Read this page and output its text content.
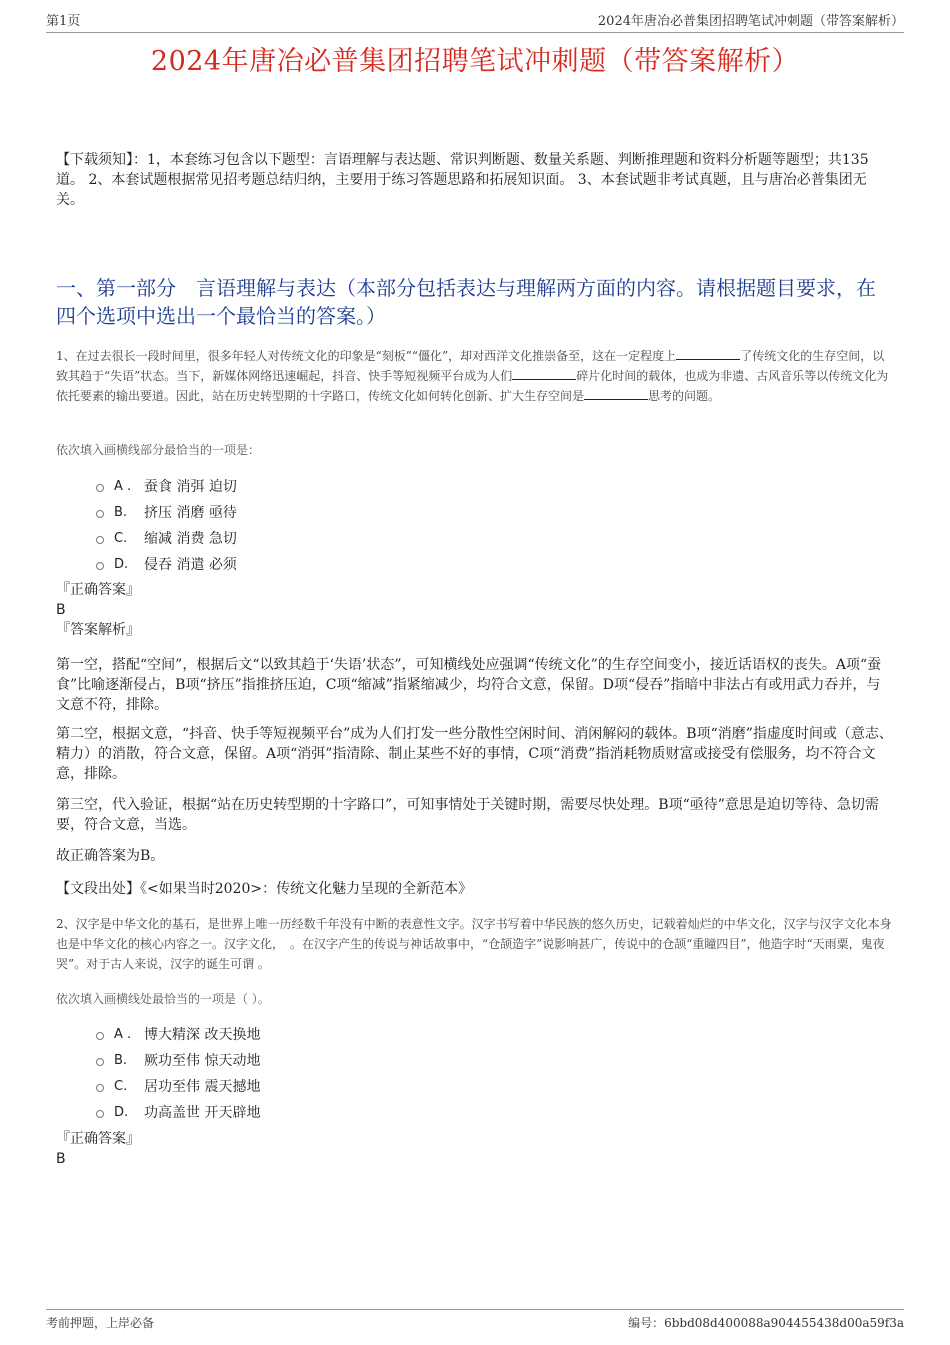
第1页	2024年唐冶必普集团招聘笔试冲刺题（带答案解析）
2024年唐冶必普集团招聘笔试冲刺题（带答案解析）
【下载须知】：1，本套练习包含以下题型：言语理解与表达题、常识判断题、数量关系题、判断推理题和资料分析题等题型；共135道。 2、本套试题根据常见招考题总结归纳，主要用于练习答题思路和拓展知识面。 3、本套试题非考试真题，且与唐冶必普集团无关。
一、第一部分　言语理解与表达（本部分包括表达与理解两方面的内容。请根据题目要求，在四个选项中选出一个最恰当的答案。）
1、在过去很长一段时间里，很多年轻人对传统文化的印象是“刻板”“僵化”，却对西洋文化推崇备至，这在一定程度上	了传统文化的生存空间，以致其趋于“失语”状态。当下，新媒体网络迅速崛起，抖音、快手等短视频平台成为人们	碎片化时间的载体，也成为非遗、古风音乐等以传统文化为依托要素的输出要道。因此，站在历史转型期的十字路口，传统文化如何转化创新、扩大生存空间是	思考的问题。
依次填入画横线部分最恰当的一项是：
A . 蚕食 消弭 迫切
B.	挤压 消磨 亟待
C.	缩减 消费 急切
D.	侵吞 消遣 必须
『正确答案』
B
『答案解析』
第一空，搭配“空间”，根据后文“以致其趋于‘失语’状态”，可知横线处应强调“传统文化”的生存空间变小，接近话语权的丧失。A项“蚕食”比喻逐渐侵占，B项“挤压”指推挤压迫，C项“缩减”指紧缩减少，均符合文意，保留。D项“侵吞”指暗中非法占有或用武力吞并，与文意不符，排除。
第二空，根据文意，“抖音、快手等短视频平台”成为人们打发一些分散性空闲时间、消闲解闷的载体。B项“消磨”指虚度时间或（意志、精力）的消散，符合文意，保留。A项“消弭”指清除、制止某些不好的事情，C项“消费”指消耗物质财富或接受有偿服务，均不符合文意，排除。
第三空，代入验证，根据“站在历史转型期的十字路口”，可知事情处于关键时期，需要尽快处理。B项“亟待”意思是迫切等待、急切需要，符合文意，当选。
故正确答案为B。
【文段出处】《<如果当时2020>：传统文化魅力呈现的全新范本》
2、汉字是中华文化的基石，是世界上唯一历经数千年没有中断的表意性文字。汉字书写着中华民族的悠久历史，记载着灿烂的中华文化，汉字与汉字文化本身也是中华文化的核心内容之一。汉字文化，　。在汉字产生的传说与神话故事中，“仓颉造字”说影响甚广，传说中的仓颉“重瞳四目”，他造字时“天雨粟，鬼夜哭”。对于古人来说，汉字的诞生可谓 。
依次填入画横线处最恰当的一项是（ ）。
A . 博大精深 改天换地
B.	厥功至伟 惊天动地
C.	居功至伟 震天撼地
D.	功高盖世 开天辟地
『正确答案』
B
考前押题，上岸必备	编号：6bbd08d400088a904455438d00a59f3a
